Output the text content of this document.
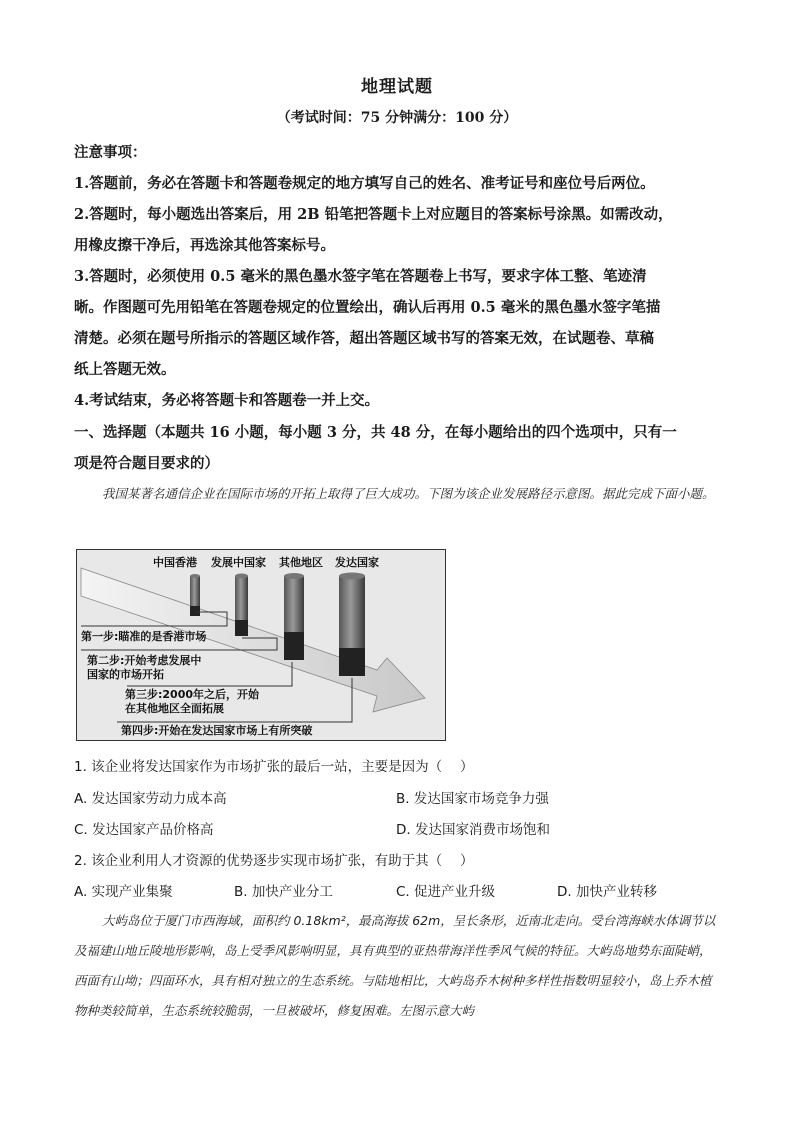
地理试题
（考试时间：75 分钟满分：100 分）
注意事项：
1.答题前，务必在答题卡和答题卷规定的地方填写自己的姓名、准考证号和座位号后两位。
2.答题时，每小题选出答案后，用 2B 铅笔把答题卡上对应题目的答案标号涂黑。如需改动，
用橡皮擦干净后，再选涂其他答案标号。
3.答题时，必须使用 0.5 毫米的黑色墨水签字笔在答题卷上书写，要求字体工整、笔迹清
晰。作图题可先用铅笔在答题卷规定的位置绘出，确认后再用 0.5 毫米的黑色墨水签字笔描
清楚。必须在题号所指示的答题区域作答，超出答题区域书写的答案无效，在试题卷、草稿
纸上答题无效。
4.考试结束，务必将答题卡和答题卷一并上交。
一、选择题（本题共 16 小题，每小题 3 分，共 48 分，在每小题给出的四个选项中，只有一
项是符合题目要求的）
我国某著名通信企业在国际市场的开拓上取得了巨大成功。下图为该企业发展路径示意图。据此完成下面小题。
中国香港 发展中国家 其他地区 发达国家
第一步:瞄准的是香港市场
第二步:开始考虑发展中
国家的市场开拓
第三步:2000年之后，开始
在其他地区全面拓展
第四步:开始在发达国家市场上有所突破
1. 该企业将发达国家作为市场扩张的最后一站，主要是因为（　 ）
A. 发达国家劳动力成本高	B. 发达国家市场竞争力强
C. 发达国家产品价格高	D. 发达国家消费市场饱和
2. 该企业利用人才资源的优势逐步实现市场扩张，有助于其（　 ）
A. 实现产业集聚	B. 加快产业分工	C. 促进产业升级	D. 加快产业转移
大屿岛位于厦门市西海域，面积约 0.18km²，最高海拔 62m，呈长条形，近南北走向。受台湾海峡水体调节以及福建山地丘陵地形影响，岛上受季风影响明显，具有典型的亚热带海洋性季风气候的特征。大屿岛地势东面陡峭，西面有山坳；四面环水，具有相对独立的生态系统。与陆地相比，大屿岛乔木树种多样性指数明显较小，岛上乔木植物种类较简单，生态系统较脆弱，一旦被破坏，修复困难。左图示意大屿
